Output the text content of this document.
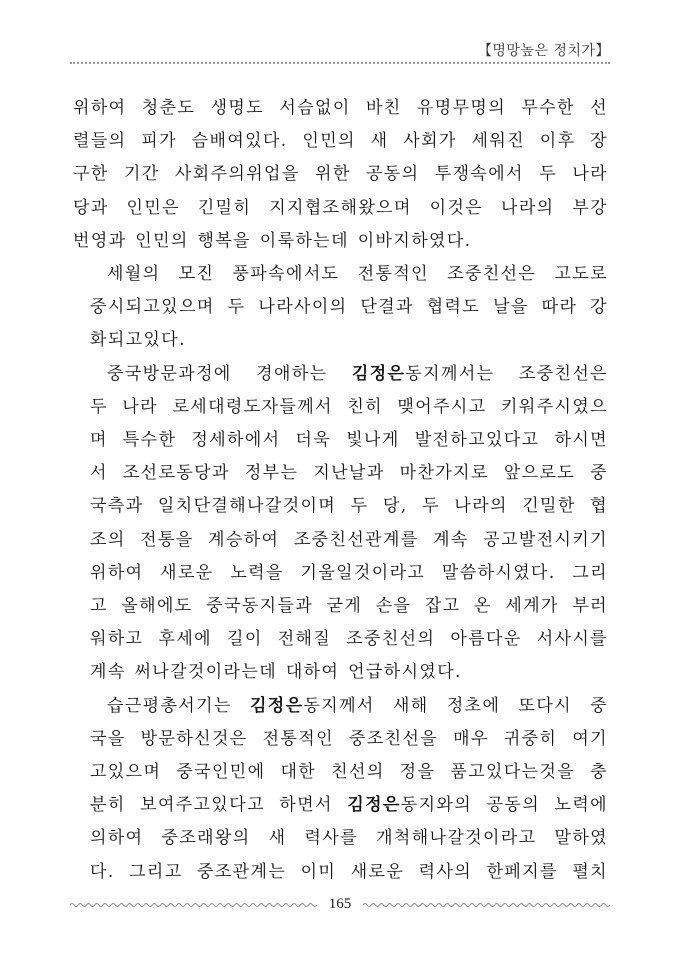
【명망높은 정치가】

위하여 청춘도 생명도 서슴없이 바친 유명무명의 무수한 선
렬들의 피가 슴배여있다. 인민의 새 사회가 세워진 이후 장
구한 기간 사회주의위업을 위한 공동의 투쟁속에서 두 나라
당과 인민은 긴밀히 지지협조해왔으며 이것은 나라의 부강
번영과 인민의 행복을 이룩하는데 이바지하였다.

세월의 모진 풍파속에서도 전통적인 조중친선은 고도로
중시되고있으며 두 나라사이의 단결과 협력도 날을 따라 강
화되고있다.

중국방문과정에 경애하는 김정은동지께서는 조중친선은
두 나라 로세대령도자들께서 친히 맺어주시고 키워주시였으
며 특수한 정세하에서 더욱 빛나게 발전하고있다고 하시면
서 조선로동당과 정부는 지난날과 마찬가지로 앞으로도 중
국측과 일치단결해나갈것이며 두 당, 두 나라의 긴밀한 협
조의 전통을 계승하여 조중친선관계를 계속 공고발전시키기
위하여 새로운 노력을 기울일것이라고 말씀하시였다. 그리
고 올해에도 중국동지들과 굳게 손을 잡고 온 세계가 부러
워하고 후세에 길이 전해질 조중친선의 아름다운 서사시를
계속 써나갈것이라는데 대하여 언급하시였다.

습근평총서기는 김정은동지께서 새해 정초에 또다시 중
국을 방문하신것은 전통적인 중조친선을 매우 귀중히 여기
고있으며 중국인민에 대한 친선의 정을 품고있다는것을 충
분히 보여주고있다고 하면서 김정은동지와의 공동의 노력에
의하여 중조래왕의 새 력사를 개척해나갈것이라고 말하였
다. 그리고 중조관계는 이미 새로운 력사의 한페지를 펼치

165
